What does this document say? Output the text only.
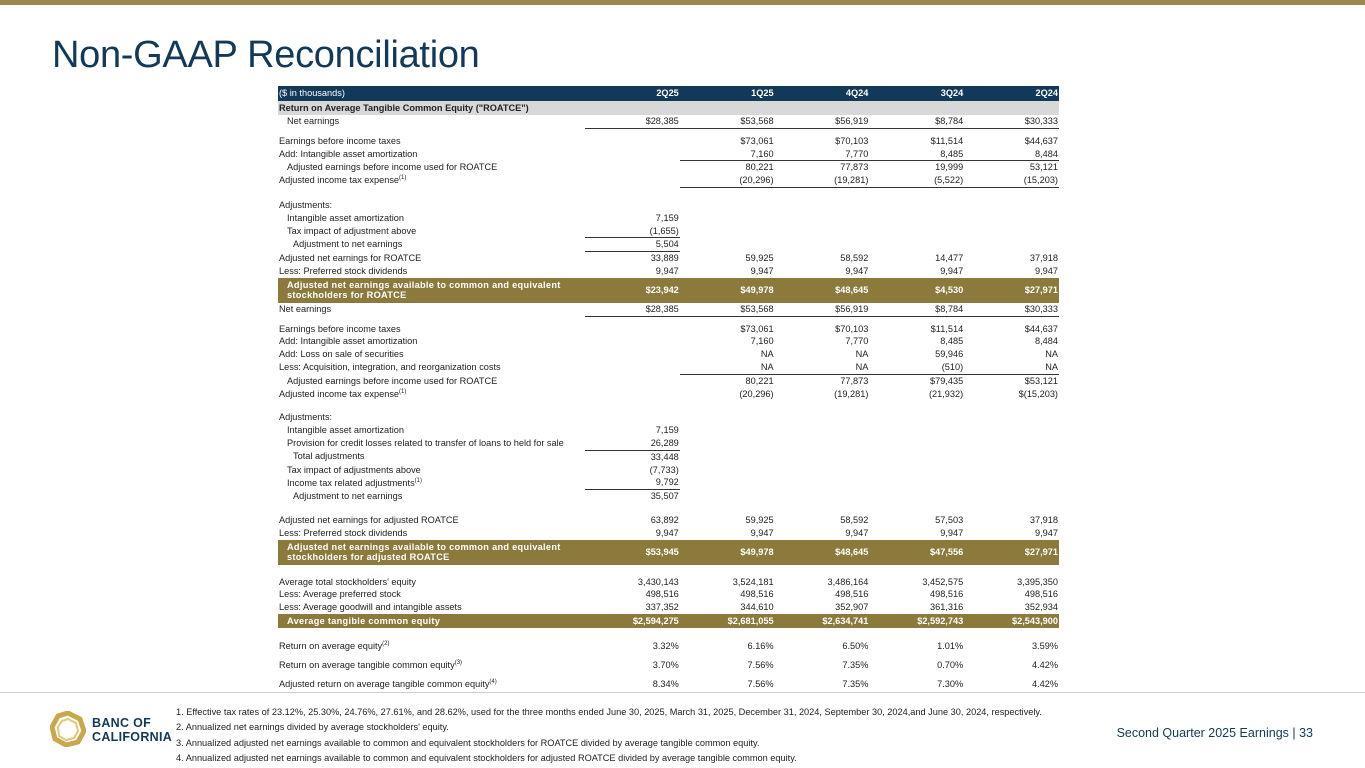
Non-GAAP Reconciliation
($ in thousands)	2Q25	1Q25	4Q24	3Q24	2Q24
Return on Average Tangible Common Equity ("ROATCE")					
Net earnings	$28,385	$53,568	$56,919	$8,784	$30,333

Earnings before income taxes		$73,061	$70,103	$11,514	$44,637
Add: Intangible asset amortization		7,160	7,770	8,485	8,484
Adjusted earnings before income used for ROATCE		80,221	77,873	19,999	53,121
Adjusted income tax expense$^{(1)}$		(20,296)	(19,281)	(5,522)	(15,203)

Adjustments:					
Intangible asset amortization	7,159				
Tax impact of adjustment above	(1,655)				
Adjustment to net earnings	5,504				
Adjusted net earnings for ROATCE	33,889	59,925	58,592	14,477	37,918
Less: Preferred stock dividends	9,947	9,947	9,947	9,947	9,947
Adjusted net earnings available to common and equivalent stockholders for ROATCE	$23,942	$49,978	$48,645	$4,530	$27,971
Net earnings	$28,385	$53,568	$56,919	$8,784	$30,333

Earnings before income taxes		$73,061	$70,103	$11,514	$44,637
Add: Intangible asset amortization		7,160	7,770	8,485	8,484
Add: Loss on sale of securities		NA	NA	59,946	NA
Less: Acquisition, integration, and reorganization costs		NA	NA	(510)	NA
Adjusted earnings before income used for ROATCE		80,221	77,873	$79,435	$53,121
Adjusted income tax expense$^{(1)}$		(20,296)	(19,281)	(21,932)	$(15,203)

Adjustments:					
Intangible asset amortization	7,159				
Provision for credit losses related to transfer of loans to held for sale	26,289				
Total adjustments	33,448				
Tax impact of adjustments above	(7,733)				
Income tax related adjustments$^{(1)}$	9,792				
Adjustment to net earnings	35,507				

Adjusted net earnings for adjusted ROATCE	63,892	59,925	58,592	57,503	37,918
Less: Preferred stock dividends	9,947	9,947	9,947	9,947	9,947
Adjusted net earnings available to common and equivalent stockholders for adjusted ROATCE	$53,945	$49,978	$48,645	$47,556	$27,971

Average total stockholders' equity	3,430,143	3,524,181	3,486,164	3,452,575	3,395,350
Less: Average preferred stock	498,516	498,516	498,516	498,516	498,516
Less: Average goodwill and intangible assets	337,352	344,610	352,907	361,316	352,934
Average tangible common equity	$2,594,275	$2,681,055	$2,634,741	$2,592,743	$2,543,900

Return on average equity$^{(2)}$	3.32%	6.16%	6.50%	1.01%	3.59%
Return on average tangible common equity$^{(3)}$	3.70%	7.56%	7.35%	0.70%	4.42%
Adjusted return on average tangible common equity$^{(4)}$	8.34%	7.56%	7.35%	7.30%	4.42%
BANC OF
CALIFORNIA
1. Effective tax rates of 23.12%, 25.30%, 24.76%, 27.61%, and 28.62%, used for the three months ended June 30, 2025, March 31, 2025, December 31, 2024, September 30, 2024,and June 30, 2024, respectively.
2. Annualized net earnings divided by average stockholders' equity.
3. Annualized adjusted net earnings available to common and equivalent stockholders for ROATCE divided by average tangible common equity.
4. Annualized adjusted net earnings available to common and equivalent stockholders for adjusted ROATCE divided by average tangible common equity.
Second Quarter 2025 Earnings | 33
